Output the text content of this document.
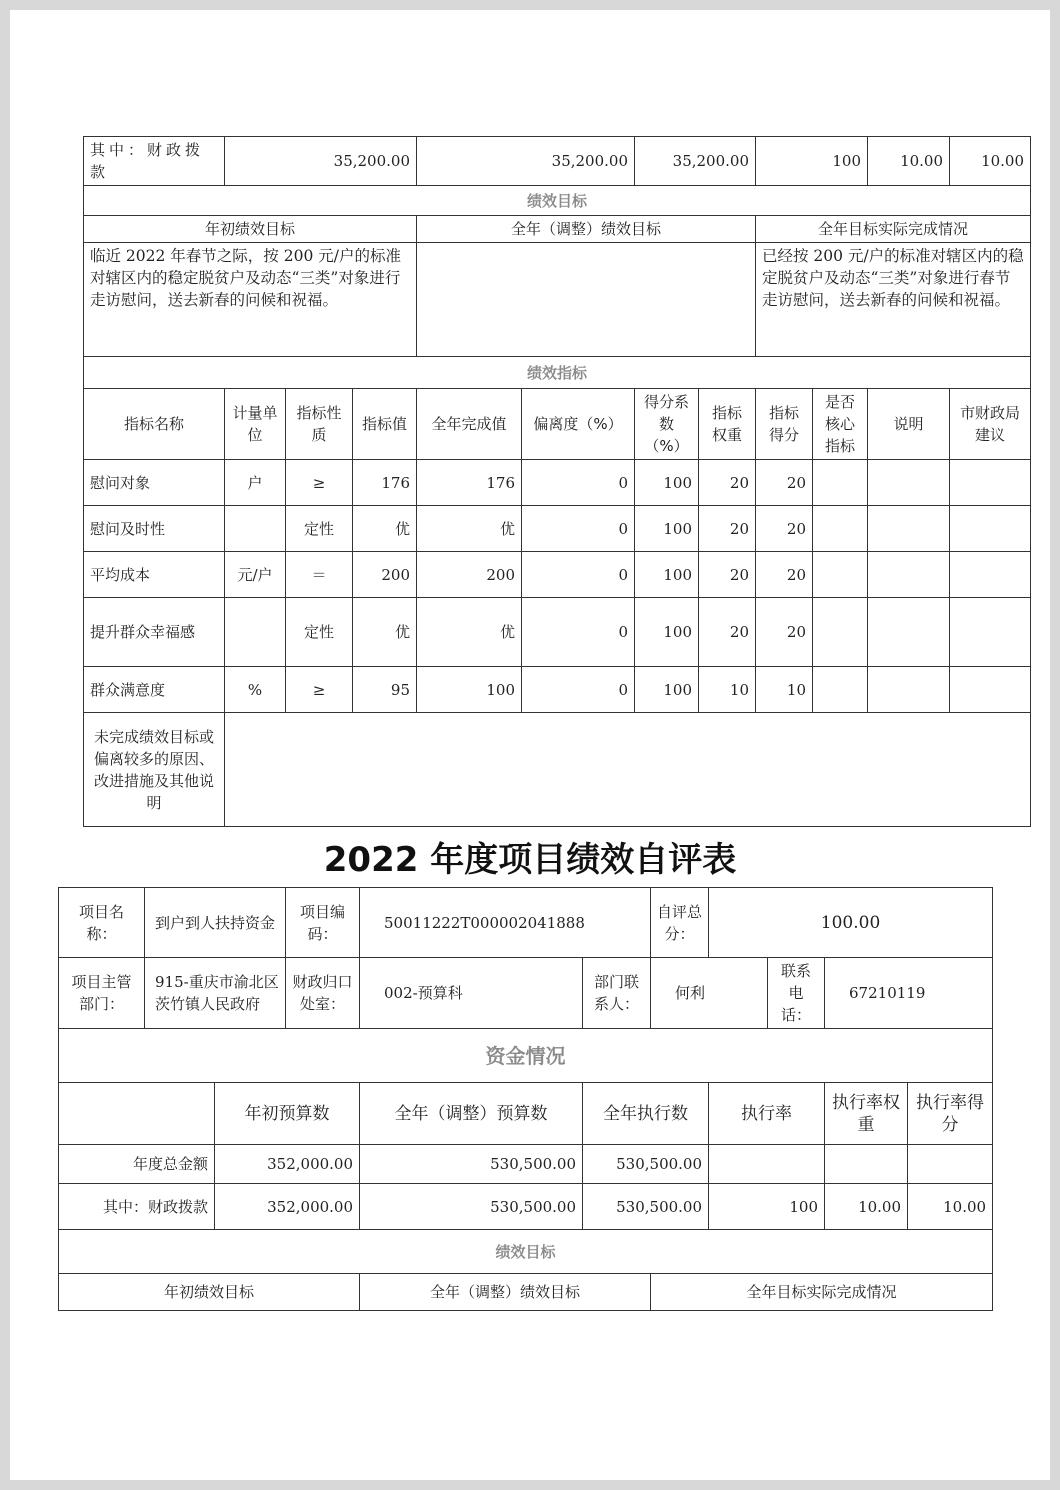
其中：财政拨款	35,200.00			35,200.00		35,200.00		100		10.00	10.00
绩效目标											
年初绩效目标				全年（调整）绩效目标				全年目标实际完成情况			
临近 2022 年春节之际，按 200 元/户的标准对辖区内的稳定脱贫户及动态“三类”对象进行走访慰问，送去新春的问候和祝福。								已经按 200 元/户的标准对辖区内的稳定脱贫户及动态“三类”对象进行春节走访慰问，送去新春的问候和祝福。			
绩效指标											
指标名称	计量单位	指标性质	指标值	全年完成值	偏离度（%）	得分系数（%）	指标权重	指标得分	是否核心指标	说明	市财政局建议
慰问对象	户	≥	176	176	0	100	20	20			
慰问及时性		定性	优	优	0	100	20	20			
平均成本	元/户	＝	200	200	0	100	20	20			
提升群众幸福感		定性	优	优	0	100	20	20			
群众满意度	%	≥	95	100	0	100	10	10			
未完成绩效目标或偏离较多的原因、改进措施及其他说明											
2022 年度项目绩效自评表
项目名称：	到户到人扶持资金		项目编码：	50011222T000002041888		自评总分：	100.00			
项目主管部门：	915-重庆市渝北区茨竹镇人民政府		财政归口处室：	002-预算科	部门联系人：	何利		联系电话：	67210119	
资金情况										
		年初预算数		全年（调整）预算数	全年执行数		执行率		执行率权重	执行率得分
年度总金额		352,000.00		530,500.00	530,500.00					
其中：财政拨款		352,000.00		530,500.00	530,500.00		100		10.00	10.00
绩效目标										
年初绩效目标				全年（调整）绩效目标		全年目标实际完成情况				
